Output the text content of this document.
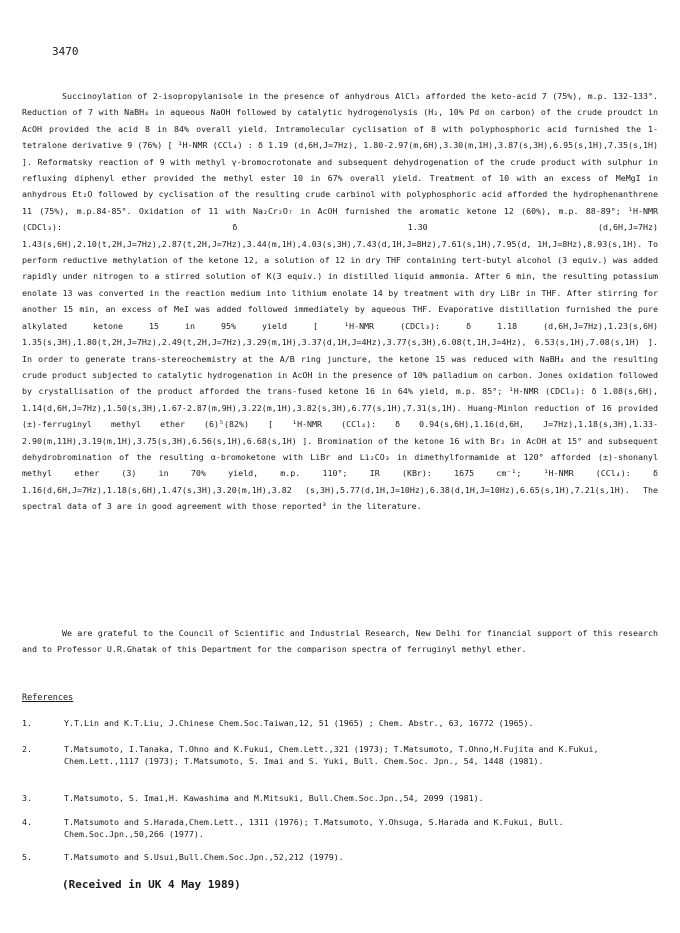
3470
Succinoylation of 2-isopropylanisole in the presence of anhydrous AlCl₃ afforded the keto-acid 7 (75%), m.p. 132-133°. Reduction of 7 with NaBH₄ in aqueous NaOH followed by catalytic hydrogenolysis (H₂, 10% Pd on carbon) of the crude proudct in AcOH provided the acid 8 in 84% overall yield. Intramolecular cyclisation of 8 with polyphosphoric acid furnished the 1-tetralone derivative 9 (76%) [ ¹H-NMR (CCl₄) : δ 1.19 (d,6H,J=7Hz), 1.80-2.97(m,6H),3.30(m,1H),3.87(s,3H),6.95(s,1H),7.35(s,1H) ]. Reformatsky reaction of 9 with methyl γ-bromocrotonate and subsequent dehydrogenation of the crude product with sulphur in refluxing diphenyl ether provided the methyl ester 10 in 67% overall yield. Treatment of 10 with an excess of MeMgI in anhydrous Et₂O followed by cyclisation of the resulting crude carbinol with polyphosphoric acid afforded the hydrophenanthrene 11 (75%), m.p.84-85°. Oxidation of 11 with Na₂Cr₂O₇ in AcOH furnished the aromatic ketone 12 (60%), m.p. 88-89°; ¹H-NMR (CDCl₃): δ 1.30 (d,6H,J=7Hz) 1.43(s,6H),2.10(t,2H,J=7Hz),2.87(t,2H,J=7Hz),3.44(m,1H),4.03(s,3H),7.43(d,1H,J=8Hz),7.61(s,1H),7.95(d, 1H,J=8Hz),8.93(s,1H). To perform reductive methylation of the ketone 12, a solution of 12 in dry THF containing tert-butyl alcohol (3 equiv.) was added rapidly under nitrogen to a stirred solution of K(3 equiv.) in distilled liquid ammonia. After 6 min, the resulting potassium enolate 13 was converted in the reaction medium into lithium enolate 14 by treatment with dry LiBr in THF. After stirring for another 15 min, an excess of MeI was added followed immediately by aqueous THF. Evaporative distillation furnished the pure alkylated ketone 15 in 95% yield [ ¹H-NMR (CDCl₃): δ 1.18 (d,6H,J=7Hz),1.23(s,6H) 1.35(s,3H),1.80(t,2H,J=7Hz),2.49(t,2H,J=7Hz),3.29(m,1H),3.37(d,1H,J=4Hz),3.77(s,3H),6.08(t,1H,J=4Hz), 6.53(s,1H),7.08(s,1H) ]. In order to generate trans-stereochemistry at the A/B ring juncture, the ketone 15 was reduced with NaBH₄ and the resulting crude product subjected to catalytic hydrogenation in AcOH in the presence of 10% palladium on carbon. Jones oxidation followed by crystallisation of the product afforded the trans-fused ketone 16 in 64% yield, m.p. 85°; ¹H-NMR (CDCl₃): δ 1.08(s,6H), 1.14(d,6H,J=7Hz),1.50(s,3H),1.67-2.87(m,9H),3.22(m,1H),3.82(s,3H),6.77(s,1H),7.31(s,1H). Huang-Minlon reduction of 16 provided (±)-ferruginyl methyl ether (6)⁵(82%) [ ¹H-NMR (CCl₄): δ 0.94(s,6H),1.16(d,6H, J=7Hz),1.18(s,3H),1.33-2.90(m,11H),3.19(m,1H),3.75(s,3H),6.56(s,1H),6.68(s,1H) ]. Bromination of the ketone 16 with Br₂ in AcOH at 15° and subsequent dehydrobromination of the resulting α-bromoketone with LiBr and Li₂CO₃ in dimethylformamide at 120° afforded (±)-shonanyl methyl ether (3) in 70% yield, m.p. 110°; IR (KBr): 1675 cm⁻¹; ¹H-NMR (CCl₄): δ 1.16(d,6H,J=7Hz),1.18(s,6H),1.47(s,3H),3.20(m,1H),3.82 (s,3H),5.77(d,1H,J=10Hz),6.38(d,1H,J=10Hz),6.65(s,1H),7.21(s,1H). The spectral data of 3 are in good agreement with those reported³ in the literature.
We are grateful to the Council of Scientific and Industrial Research, New Delhi for financial support of this research and to Professor U.R.Ghatak of this Department for the comparison spectra of ferruginyl methyl ether.
References
1.	Y.T.Lin and K.T.Liu, J.Chinese Chem.Soc.Taiwan,12, 51 (1965) ; Chem. Abstr., 63, 16772 (1965).
2.	T.Matsumoto, I.Tanaka, T.Ohno and K.Fukui, Chem.Lett.,321 (1973); T.Matsumoto, T.Ohno,H.Fujita and K.Fukui, Chem.Lett.,1117 (1973); T.Matsumoto, S. Imai and S. Yuki, Bull. Chem.Soc. Jpn., 54, 1448 (1981).
3.	T.Matsumoto, S. Imai,H. Kawashima and M.Mitsuki, Bull.Chem.Soc.Jpn.,54, 2099 (1981).
4.	T.Matsumoto and S.Harada,Chem.Lett., 1311 (1976); T.Matsumoto, Y.Ohsuga, S.Harada and K.Fukui, Bull. Chem.Soc.Jpn.,50,266 (1977).
5.	T.Matsumoto and S.Usui,Bull.Chem.Soc.Jpn.,52,212 (1979).
(Received in UK 4 May 1989)
